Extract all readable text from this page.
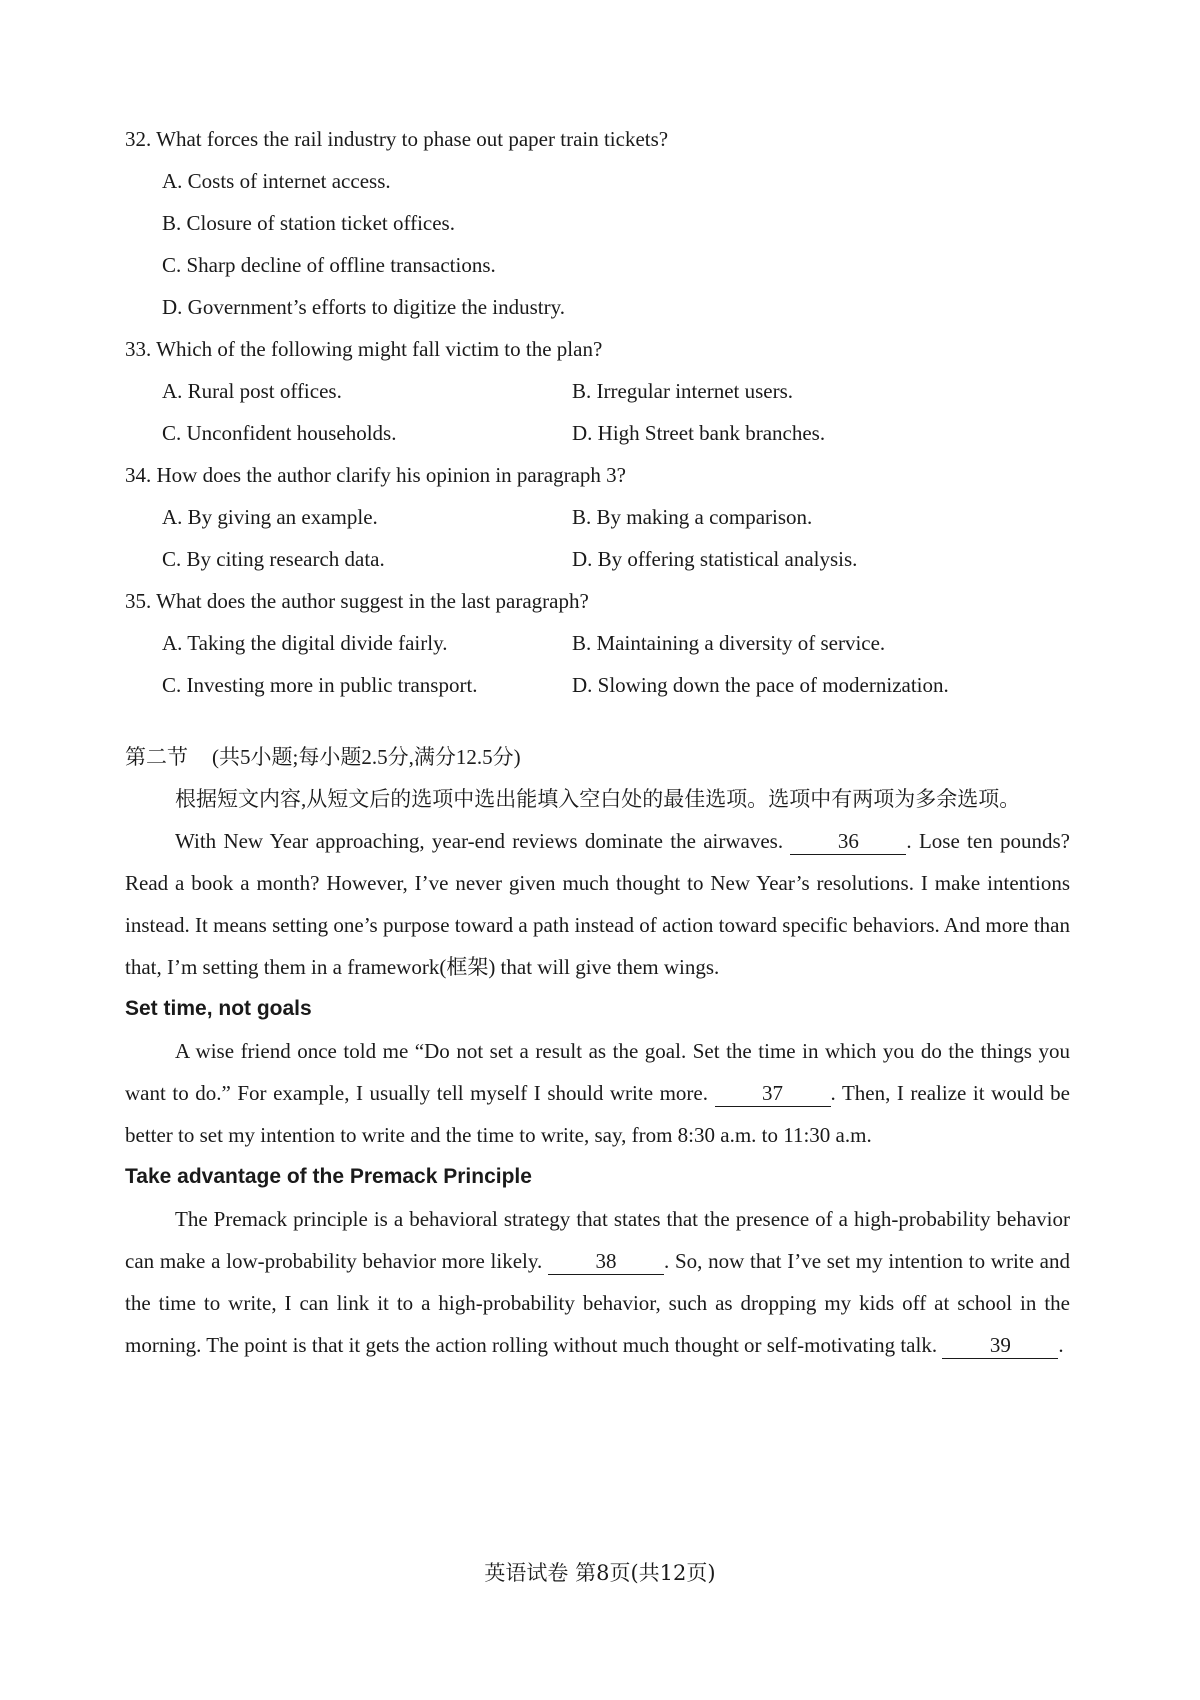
32. What forces the rail industry to phase out paper train tickets?

A. Costs of internet access.
B. Closure of station ticket offices.
C. Sharp decline of offline transactions.
D. Government’s efforts to digitize the industry.

33. Which of the following might fall victim to the plan?

A. Rural post offices.	B. Irregular internet users.
C. Unconfident households.	D. High Street bank branches.

34. How does the author clarify his opinion in paragraph 3?

A. By giving an example.	B. By making a comparison.
C. By citing research data.	D. By offering statistical analysis.

35. What does the author suggest in the last paragraph?

A. Taking the digital divide fairly.	B. Maintaining a diversity of service.
C. Investing more in public transport.	D. Slowing down the pace of modernization.
第二节 (共5小题;每小题2.5分,满分12.5分)

根据短文内容,从短文后的选项中选出能填入空白处的最佳选项。选项中有两项为多余选项。

With New Year approaching, year-end reviews dominate the airwaves.	36 . Lose ten pounds? Read a book a month? However, I’ve never given much thought to New Year’s resolutions. I make intentions instead. It means setting one’s purpose toward a path instead of action toward specific behaviors. And more than that, I’m setting them in a framework(框架) that will give them wings.

Set time, not goals

A wise friend once told me “Do not set a result as the goal. Set the time in which you do the things you want to do.” For example, I usually tell myself I should write more.	37 . Then, I realize it would be better to set my intention to write and the time to write, say, from 8:30 a.m. to 11:30 a.m.

Take advantage of the Premack Principle

The Premack principle is a behavioral strategy that states that the presence of a high-probability behavior can make a low-probability behavior more likely.	38 . So, now that I’ve set my intention to write and the time to write, I can link it to a high-probability behavior, such as dropping my kids off at school in the morning. The point is that it gets the action rolling without much thought or self-motivating talk.	39 .

英语试卷 第8页(共12页)
